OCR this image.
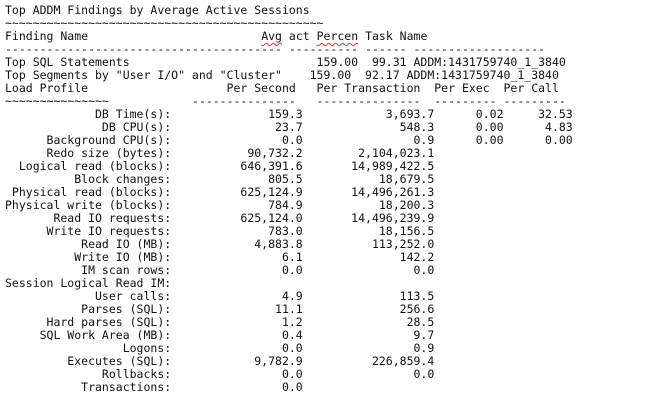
Top ADDM Findings by Average Active Sessions
~~~~~~~~~~~~~~~~~~~~~~~~~~~~~~~~~~~~~~~~~~~~~~
Finding Name	Avg act Percen Task Name
---------------------------------------- ---------- ------ -------------------
Top SQL Statements                           159.00  99.31 ADDM:1431759740_1_3840
Top Segments by "User I/O" and "Cluster"    159.00  92.17 ADDM:1431759740_1_3840
Load Profile                    Per Second   Per Transaction  Per Exec  Per Call
~~~~~~~~~~~~~~~            ---------------   ---------------  --------- ---------
DB Time(s):              159.3            3,693.7      0.02     32.53
DB CPU(s):               23.7              548.3      0.00      4.83
Background CPU(s):                0.0                0.9      0.00      0.00
Redo size (bytes):           90,732.2        2,104,023.1
Logical read (blocks):          646,391.6       14,989,422.5
Block changes:              805.5           18,679.5
Physical read (blocks):          625,124.9       14,496,261.3
Physical write (blocks):              784.9           18,200.3
Read IO requests:          625,124.0       14,496,239.9
Write IO requests:              783.0           18,156.5
Read IO (MB):            4,883.8          113,252.0
Write IO (MB):                6.1              142.2
IM scan rows:                0.0                0.0
Session Logical Read IM:
User calls:                4.9              113.5
Parses (SQL):               11.1              256.6
Hard parses (SQL):                1.2               28.5
SQL Work Area (MB):                0.4                9.7
Logons:                0.0                0.9
Executes (SQL):            9,782.9          226,859.4
Rollbacks:                0.0                0.0
Transactions:                0.0
